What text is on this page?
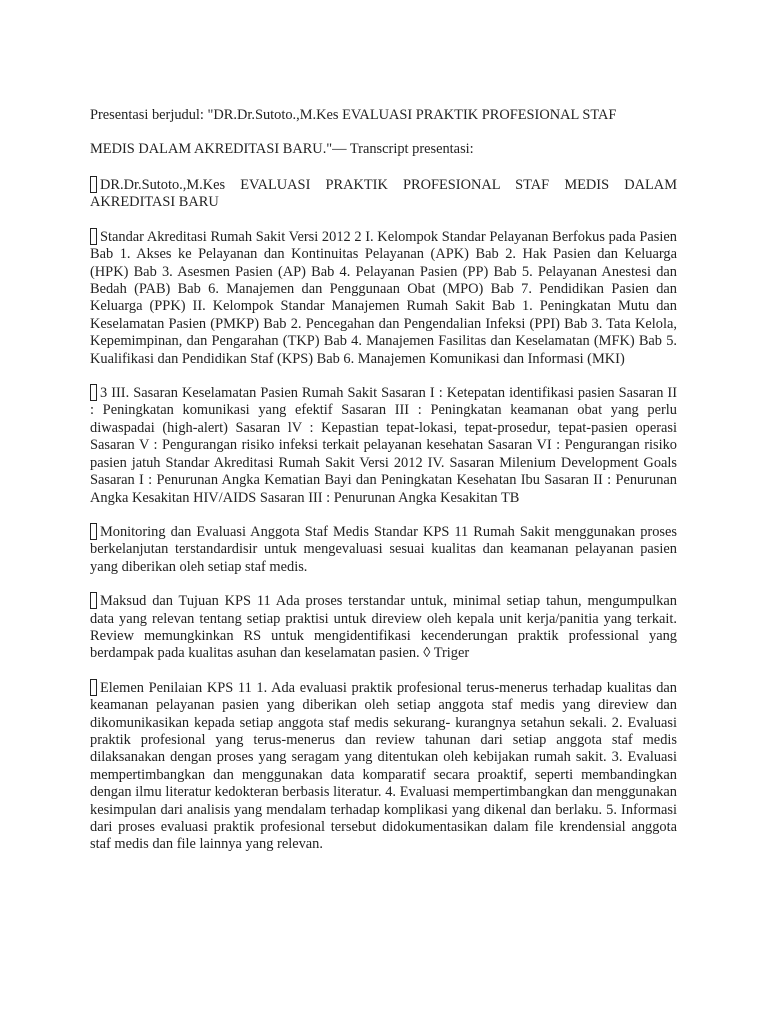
Presentasi berjudul: "DR.Dr.Sutoto.,M.Kes EVALUASI PRAKTIK PROFESIONAL STAF

MEDIS DALAM AKREDITASI BARU."— Transcript presentasi:

DR.Dr.Sutoto.,M.Kes EVALUASI PRAKTIK PROFESIONAL STAF MEDIS DALAM AKREDITASI BARU

Standar Akreditasi Rumah Sakit Versi 2012 2 I. Kelompok Standar Pelayanan Berfokus pada Pasien Bab 1. Akses ke Pelayanan dan Kontinuitas Pelayanan (APK) Bab 2. Hak Pasien dan Keluarga (HPK) Bab 3. Asesmen Pasien (AP) Bab 4. Pelayanan Pasien (PP) Bab 5. Pelayanan Anestesi dan Bedah (PAB) Bab 6. Manajemen dan Penggunaan Obat (MPO) Bab 7. Pendidikan Pasien dan Keluarga (PPK) II. Kelompok Standar Manajemen Rumah Sakit Bab 1. Peningkatan Mutu dan Keselamatan Pasien (PMKP) Bab 2. Pencegahan dan Pengendalian Infeksi (PPI) Bab 3. Tata Kelola, Kepemimpinan, dan Pengarahan (TKP) Bab 4. Manajemen Fasilitas dan Keselamatan (MFK) Bab 5. Kualifikasi dan Pendidikan Staf (KPS) Bab 6. Manajemen Komunikasi dan Informasi (MKI)

3 III. Sasaran Keselamatan Pasien Rumah Sakit Sasaran I : Ketepatan identifikasi pasien Sasaran II : Peningkatan komunikasi yang efektif Sasaran III : Peningkatan keamanan obat yang perlu diwaspadai (high-alert) Sasaran lV : Kepastian tepat-lokasi, tepat-prosedur, tepat-pasien operasi Sasaran V : Pengurangan risiko infeksi terkait pelayanan kesehatan Sasaran VI : Pengurangan risiko pasien jatuh Standar Akreditasi Rumah Sakit Versi 2012 IV. Sasaran Milenium Development Goals Sasaran I : Penurunan Angka Kematian Bayi dan Peningkatan Kesehatan Ibu Sasaran II : Penurunan Angka Kesakitan HIV/AIDS Sasaran III : Penurunan Angka Kesakitan TB

Monitoring dan Evaluasi Anggota Staf Medis Standar KPS 11 Rumah Sakit menggunakan proses berkelanjutan terstandardisir untuk mengevaluasi sesuai kualitas dan keamanan pelayanan pasien yang diberikan oleh setiap staf medis.

Maksud dan Tujuan KPS 11 Ada proses terstandar untuk, minimal setiap tahun, mengumpulkan data yang relevan tentang setiap praktisi untuk direview oleh kepala unit kerja/panitia yang terkait. Review memungkinkan RS untuk mengidentifikasi kecenderungan praktik professional yang berdampak pada kualitas asuhan dan keselamatan pasien. ◊ Triger

Elemen Penilaian KPS 11 1. Ada evaluasi praktik profesional terus-menerus terhadap kualitas dan keamanan pelayanan pasien yang diberikan oleh setiap anggota staf medis yang direview dan dikomunikasikan kepada setiap anggota staf medis sekurang- kurangnya setahun sekali. 2. Evaluasi praktik profesional yang terus-menerus dan review tahunan dari setiap anggota staf medis dilaksanakan dengan proses yang seragam yang ditentukan oleh kebijakan rumah sakit. 3. Evaluasi mempertimbangkan dan menggunakan data komparatif secara proaktif, seperti membandingkan dengan ilmu literatur kedokteran berbasis literatur. 4. Evaluasi mempertimbangkan dan menggunakan kesimpulan dari analisis yang mendalam terhadap komplikasi yang dikenal dan berlaku. 5. Informasi dari proses evaluasi praktik profesional tersebut didokumentasikan dalam file krendensial anggota staf medis dan file lainnya yang relevan.
